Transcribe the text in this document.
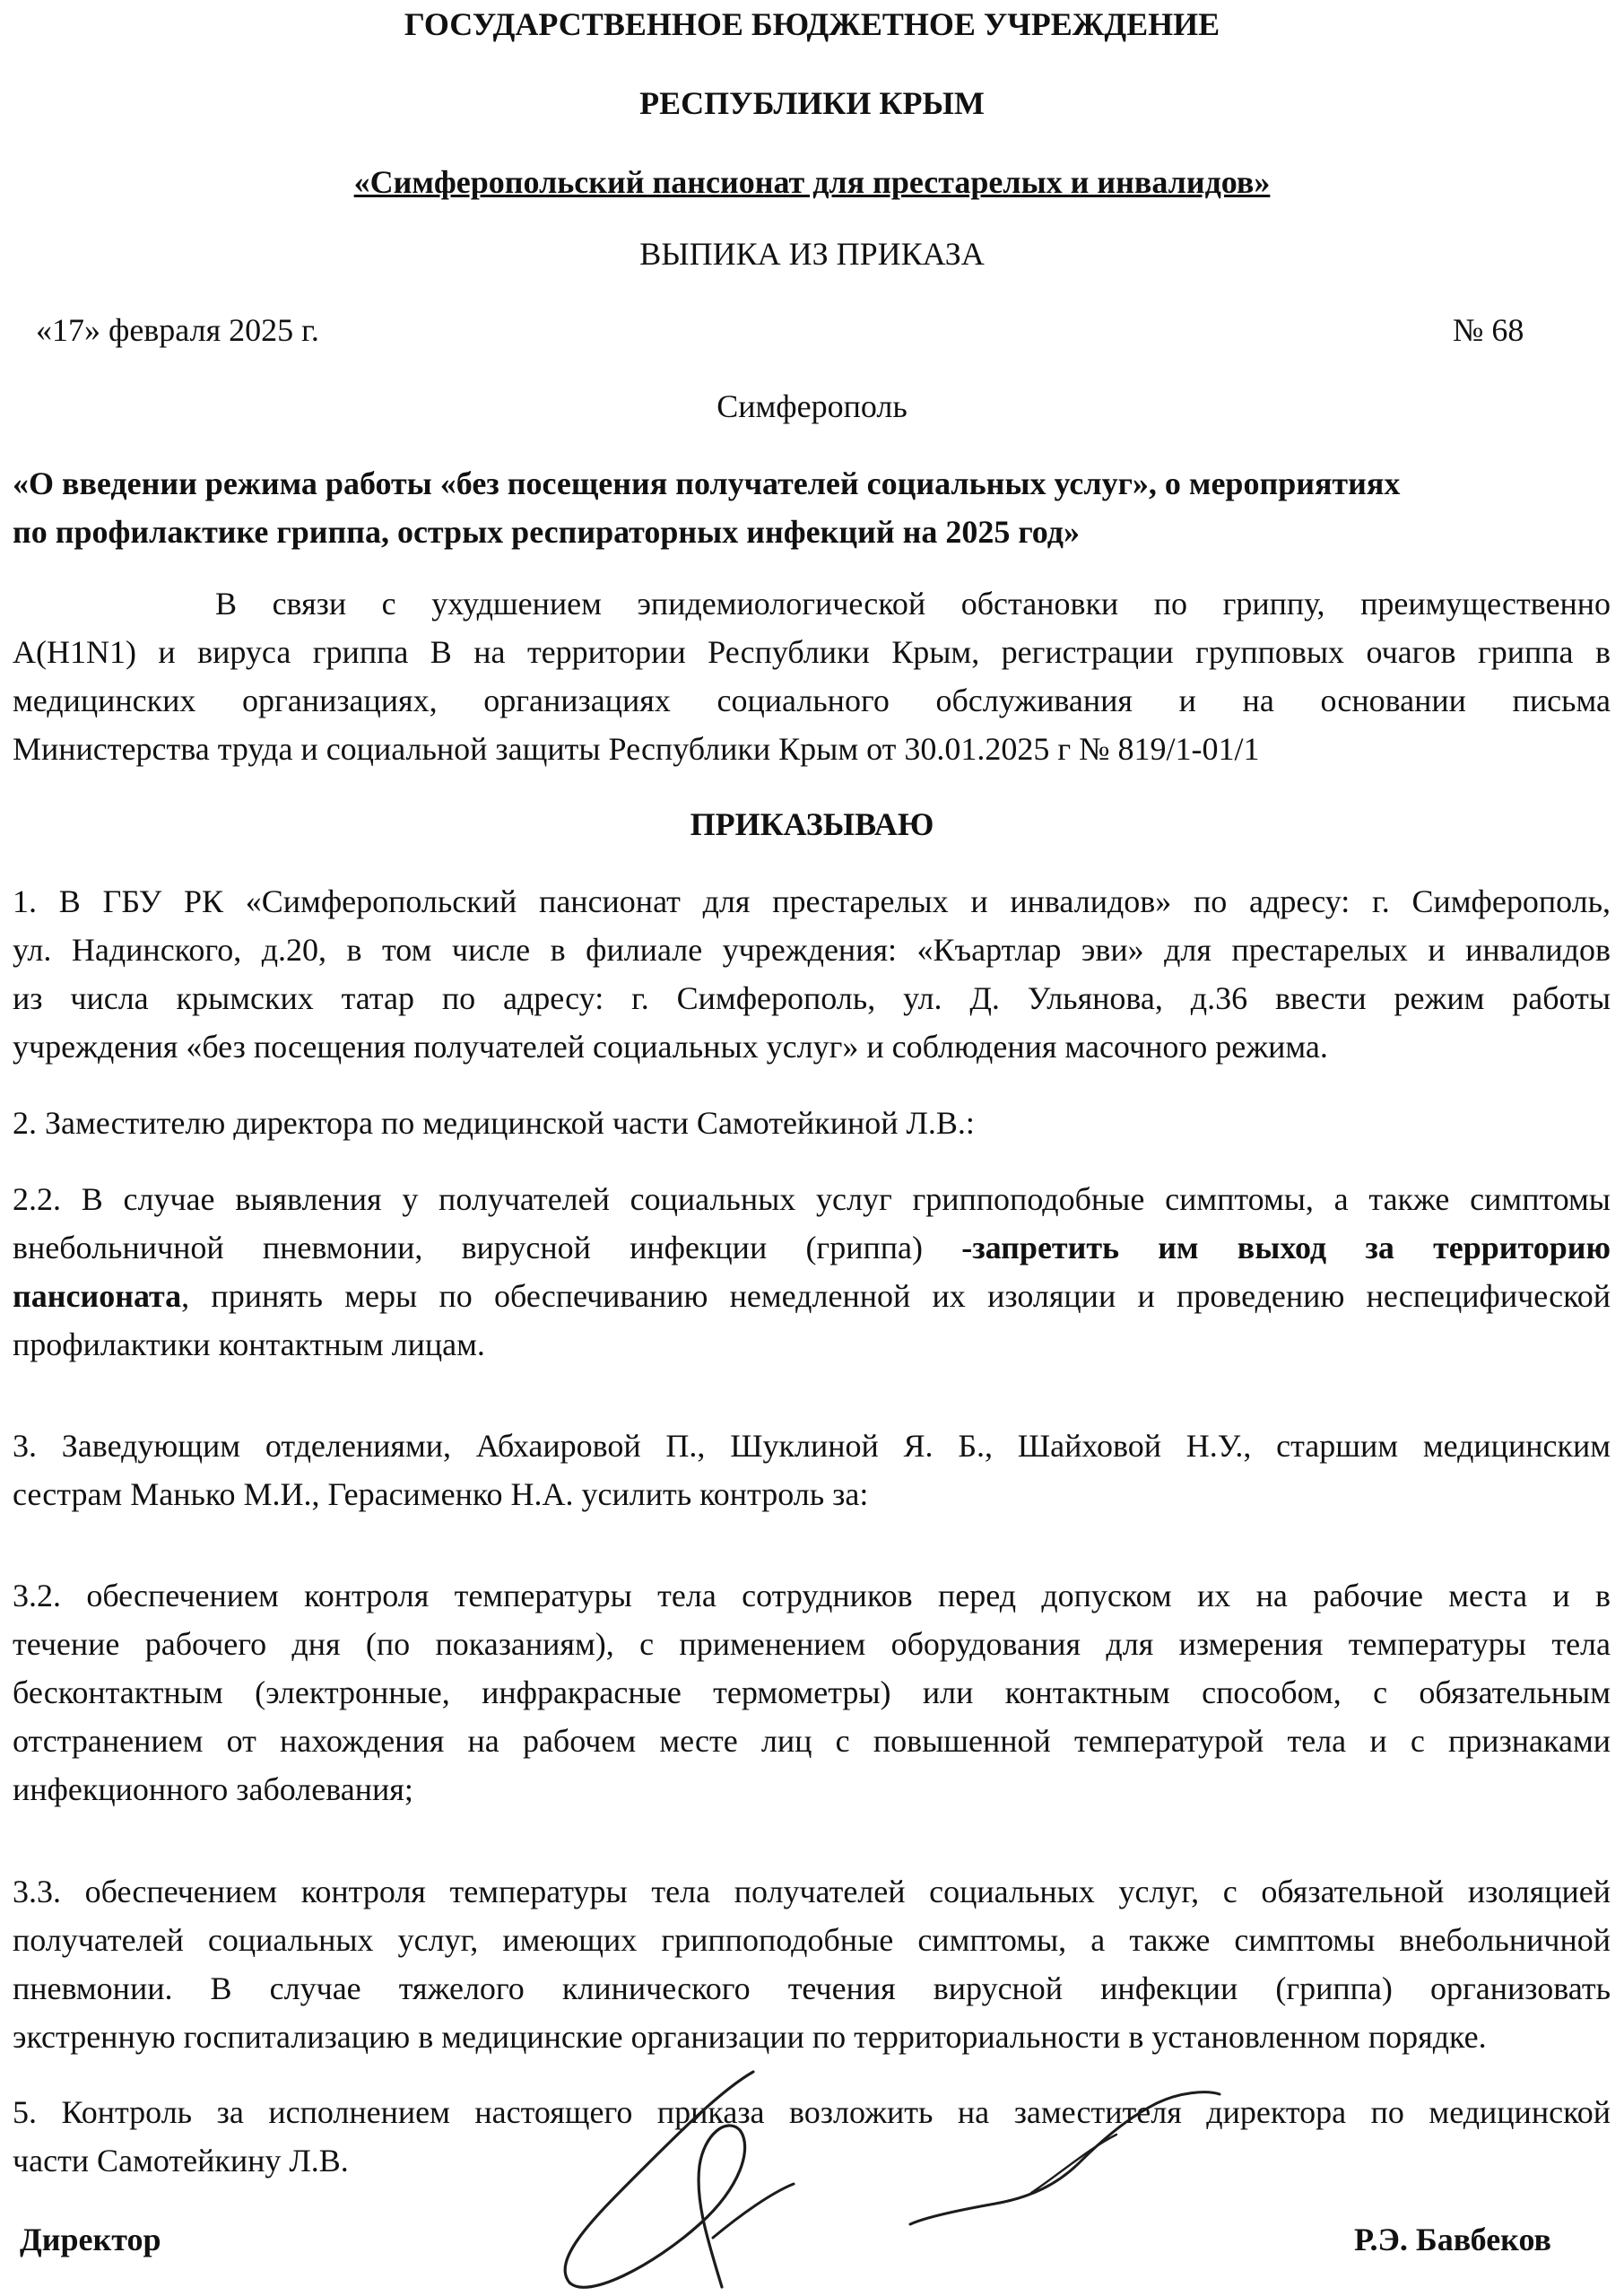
ГОСУДАРСТВЕННОЕ БЮДЖЕТНОЕ УЧРЕЖДЕНИЕ
РЕСПУБЛИКИ КРЫМ
«Симферопольский пансионат для престарелых и инвалидов»
ВЫПИКА ИЗ ПРИКАЗА
«17» февраля 2025 г.	№ 68
Симферополь
«О введении режима работы «без посещения получателей социальных услуг», о мероприятиях
по профилактике гриппа, острых респираторных инфекций на 2025 год»
В связи с ухудшением эпидемиологической обстановки по гриппу, преимущественно
A(H1N1) и вируса гриппа В на территории Республики Крым, регистрации групповых очагов гриппа в
медицинских организациях, организациях социального обслуживания и на основании письма
Министерства труда и социальной защиты Республики Крым от 30.01.2025 г № 819/1-01/1
ПРИКАЗЫВАЮ
1. В ГБУ РК «Симферопольский пансионат для престарелых и инвалидов» по адресу: г. Симферополь,
ул. Надинского, д.20, в том числе в филиале учреждения: «Къартлар эви» для престарелых и инвалидов
из числа крымских татар по адресу: г. Симферополь, ул. Д. Ульянова, д.36 ввести режим работы
учреждения «без посещения получателей социальных услуг» и соблюдения масочного режима.
2. Заместителю директора по медицинской части Самотейкиной Л.В.:
2.2. В случае выявления у получателей социальных услуг гриппоподобные симптомы, а также симптомы
внебольничной пневмонии, вирусной инфекции (гриппа) -запретить им выход за территорию
пансионата, принять меры по обеспечиванию немедленной их изоляции и проведению неспецифической
профилактики контактным лицам.
3. Заведующим отделениями, Абхаировой П., Шуклиной Я. Б., Шайховой Н.У., старшим медицинским
сестрам Манько М.И., Герасименко Н.А. усилить контроль за:
3.2. обеспечением контроля температуры тела сотрудников перед допуском их на рабочие места и в
течение рабочего дня (по показаниям), с применением оборудования для измерения температуры тела
бесконтактным (электронные, инфракрасные термометры) или контактным способом, с обязательным
отстранением от нахождения на рабочем месте лиц с повышенной температурой тела и с признаками
инфекционного заболевания;
3.3. обеспечением контроля температуры тела получателей социальных услуг, с обязательной изоляцией
получателей социальных услуг, имеющих гриппоподобные симптомы, а также симптомы внебольничной
пневмонии. В случае тяжелого клинического течения вирусной инфекции (гриппа) организовать
экстренную госпитализацию в медицинские организации по территориальности в установленном порядке.
5. Контроль за исполнением настоящего приказа возложить на заместителя директора по медицинской
части Самотейкину Л.В.
Директор	Р.Э. Бавбеков
